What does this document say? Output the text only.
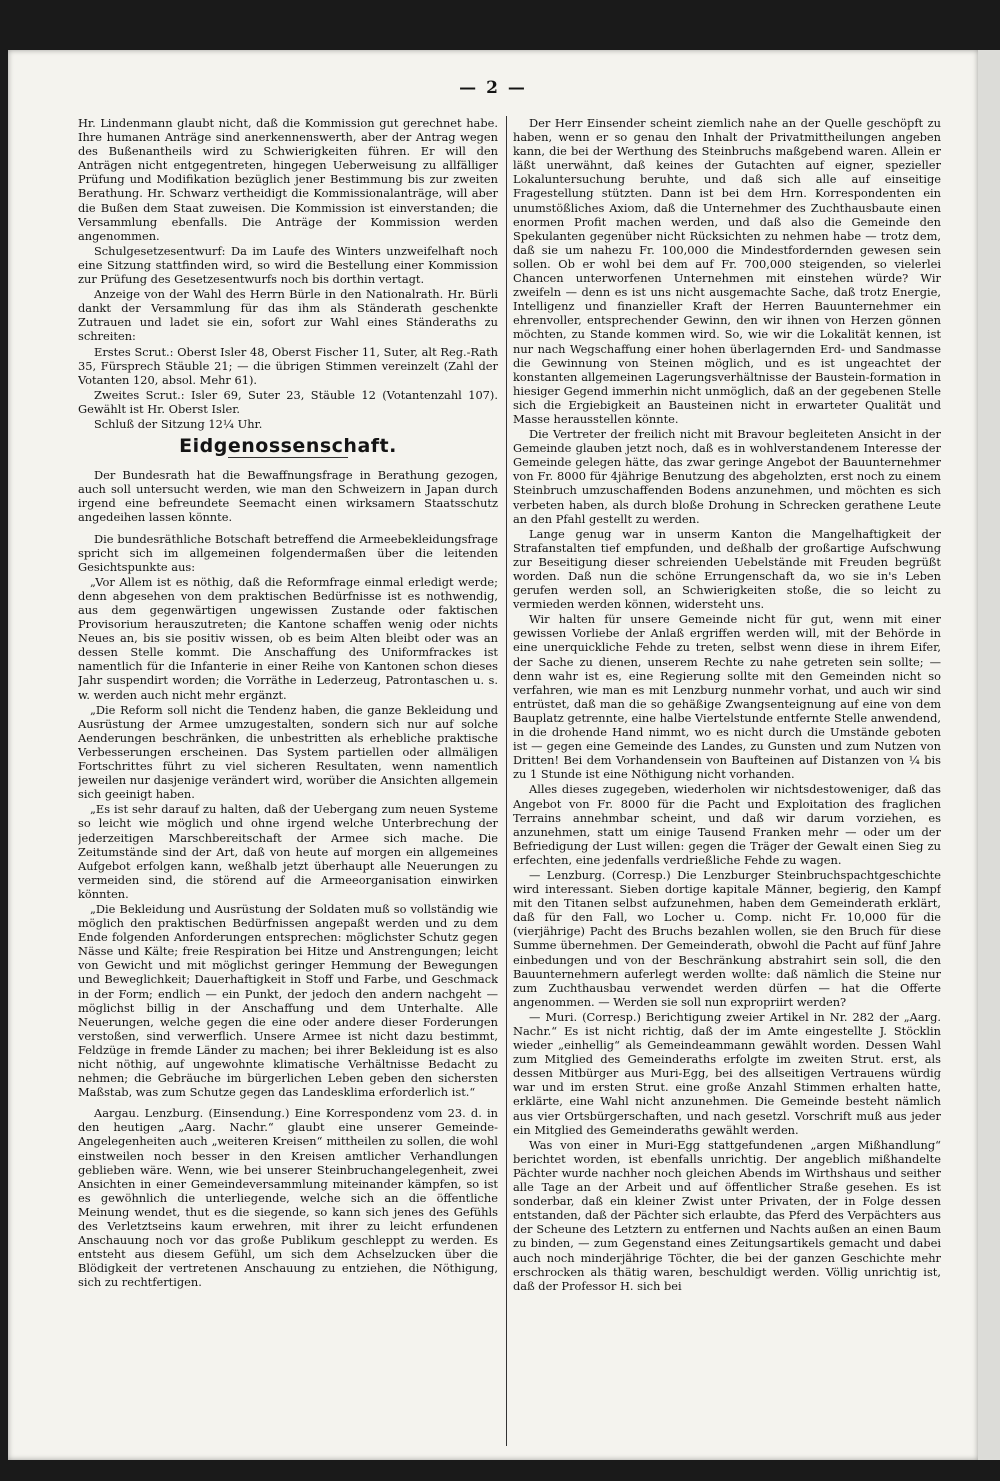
— 2 —

Hr. Lindenmann glaubt nicht, daß die Kommission gut gerechnet habe. Ihre humanen Anträge sind anerkennenswerth, aber der Antrag wegen des Bußenantheils wird zu Schwierigkeiten führen. Er will den Anträgen nicht entgegentreten, hingegen Ueberweisung zu allfälliger Prüfung und Modifikation bezüglich jener Bestimmung bis zur zweiten Berathung. Hr. Schwarz vertheidigt die Kommissionalanträge, will aber die Bußen dem Staat zuweisen. Die Kommission ist einverstanden; die Versammlung ebenfalls. Die Anträge der Kommission werden angenommen.

Schulgesetzesentwurf: Da im Laufe des Winters unzweifelhaft noch eine Sitzung stattfinden wird, so wird die Bestellung einer Kommission zur Prüfung des Gesetzesentwurfs noch bis dorthin vertagt.

Anzeige von der Wahl des Herrn Bürle in den Nationalrath. Hr. Bürli dankt der Versammlung für das ihm als Ständerath geschenkte Zutrauen und ladet sie ein, sofort zur Wahl eines Ständeraths zu schreiten:

Erstes Scrut.: Oberst Isler 48, Oberst Fischer 11, Suter, alt Reg.-Rath 35, Fürsprech Stäuble 21; — die übrigen Stimmen vereinzelt (Zahl der Votanten 120, absol. Mehr 61).

Zweites Scrut.: Isler 69, Suter 23, Stäuble 12 (Votantenzahl 107). Gewählt ist Hr. Oberst Isler.

Schluß der Sitzung 12¼ Uhr.

Eidgenossenschaft.

Der Bundesrath hat die Bewaffnungsfrage in Berathung gezogen, auch soll untersucht werden, wie man den Schweizern in Japan durch irgend eine befreundete Seemacht einen wirksamern Staatsschutz angedeihen lassen könnte.

Die bundesräthliche Botschaft betreffend die Armeebekleidungsfrage spricht sich im allgemeinen folgendermaßen über die leitenden Gesichtspunkte aus:

„Vor Allem ist es nöthig, daß die Reformfrage einmal erledigt werde; denn abgesehen von dem praktischen Bedürfnisse ist es nothwendig, aus dem gegenwärtigen ungewissen Zustande oder faktischen Provisorium herauszutreten; die Kantone schaffen wenig oder nichts Neues an, bis sie positiv wissen, ob es beim Alten bleibt oder was an dessen Stelle kommt. Die Anschaffung des Uniformfrackes ist namentlich für die Infanterie in einer Reihe von Kantonen schon dieses Jahr suspendirt worden; die Vorräthe in Lederzeug, Patrontaschen u. s. w. werden auch nicht mehr ergänzt.

„Die Reform soll nicht die Tendenz haben, die ganze Bekleidung und Ausrüstung der Armee umzugestalten, sondern sich nur auf solche Aenderungen beschränken, die unbestritten als erhebliche praktische Verbesserungen erscheinen. Das System partiellen oder allmäligen Fortschrittes führt zu viel sicheren Resultaten, wenn namentlich jeweilen nur dasjenige verändert wird, worüber die Ansichten allgemein sich geeinigt haben.

„Es ist sehr darauf zu halten, daß der Uebergang zum neuen Systeme so leicht wie möglich und ohne irgend welche Unterbrechung der jederzeitigen Marschbereitschaft der Armee sich mache. Die Zeitumstände sind der Art, daß von heute auf morgen ein allgemeines Aufgebot erfolgen kann, weßhalb jetzt überhaupt alle Neuerungen zu vermeiden sind, die störend auf die Armeeorganisation einwirken könnten.

„Die Bekleidung und Ausrüstung der Soldaten muß so vollständig wie möglich den praktischen Bedürfnissen angepaßt werden und zu dem Ende folgenden Anforderungen entsprechen: möglichster Schutz gegen Nässe und Kälte; freie Respiration bei Hitze und Anstrengungen; leicht von Gewicht und mit möglichst geringer Hemmung der Bewegungen und Beweglichkeit; Dauerhaftigkeit in Stoff und Farbe, und Geschmack in der Form; endlich — ein Punkt, der jedoch den andern nachgeht — möglichst billig in der Anschaffung und dem Unterhalte. Alle Neuerungen, welche gegen die eine oder andere dieser Forderungen verstoßen, sind verwerflich. Unsere Armee ist nicht dazu bestimmt, Feldzüge in fremde Länder zu machen; bei ihrer Bekleidung ist es also nicht nöthig, auf ungewohnte klimatische Verhältnisse Bedacht zu nehmen; die Gebräuche im bürgerlichen Leben geben den sichersten Maßstab, was zum Schutze gegen das Landesklima erforderlich ist.“

Aargau. Lenzburg. (Einsendung.) Eine Korrespondenz vom 23. d. in den heutigen „Aarg. Nachr.“ glaubt eine unserer Gemeinde-Angelegenheiten auch „weiteren Kreisen“ mittheilen zu sollen, die wohl einstweilen noch besser in den Kreisen amtlicher Verhandlungen geblieben wäre. Wenn, wie bei unserer Steinbruchangelegenheit, zwei Ansichten in einer Gemeindeversammlung miteinander kämpfen, so ist es gewöhnlich die unterliegende, welche sich an die öffentliche Meinung wendet, thut es die siegende, so kann sich jenes des Gefühls des Verletztseins kaum erwehren, mit ihrer zu leicht erfundenen Anschauung noch vor das große Publikum geschleppt zu werden. Es entsteht aus diesem Gefühl, um sich dem Achselzucken über die Blödigkeit der vertretenen Anschauung zu entziehen, die Nöthigung, sich zu rechtfertigen.

Der Herr Einsender scheint ziemlich nahe an der Quelle geschöpft zu haben, wenn er so genau den Inhalt der Privatmittheilungen angeben kann, die bei der Werthung des Steinbruchs maßgebend waren. Allein er läßt unerwähnt, daß keines der Gutachten auf eigner, spezieller Lokaluntersuchung beruhte, und daß sich alle auf einseitige Fragestellung stützten. Dann ist bei dem Hrn. Korrespondenten ein unumstößliches Axiom, daß die Unternehmer des Zuchthausbaute einen enormen Profit machen werden, und daß also die Gemeinde den Spekulanten gegenüber nicht Rücksichten zu nehmen habe — trotz dem, daß sie um nahezu Fr. 100,000 die Mindestfordernden gewesen sein sollen. Ob er wohl bei dem auf Fr. 700,000 steigenden, so vielerlei Chancen unterworfenen Unternehmen mit einstehen würde? Wir zweifeln — denn es ist uns nicht ausgemachte Sache, daß trotz Energie, Intelligenz und finanzieller Kraft der Herren Bauunternehmer ein ehrenvoller, entsprechender Gewinn, den wir ihnen von Herzen gönnen möchten, zu Stande kommen wird. So, wie wir die Lokalität kennen, ist nur nach Wegschaffung einer hohen überlagernden Erd- und Sandmasse die Gewinnung von Steinen möglich, und es ist ungeachtet der konstanten allgemeinen Lagerungsverhältnisse der Baustein-formation in hiesiger Gegend immerhin nicht unmöglich, daß an der gegebenen Stelle sich die Ergiebigkeit an Bausteinen nicht in erwarteter Qualität und Masse herausstellen könnte.

Die Vertreter der freilich nicht mit Bravour begleiteten Ansicht in der Gemeinde glauben jetzt noch, daß es in wohlverstandenem Interesse der Gemeinde gelegen hätte, das zwar geringe Angebot der Bauunternehmer von Fr. 8000 für 4jährige Benutzung des abgeholzten, erst noch zu einem Steinbruch umzuschaffenden Bodens anzunehmen, und möchten es sich verbeten haben, als durch bloße Drohung in Schrecken gerathene Leute an den Pfahl gestellt zu werden.

Lange genug war in unserm Kanton die Mangelhaftigkeit der Strafanstalten tief empfunden, und deßhalb der großartige Aufschwung zur Beseitigung dieser schreienden Uebelstände mit Freuden begrüßt worden. Daß nun die schöne Errungenschaft da, wo sie in's Leben gerufen werden soll, an Schwierigkeiten stoße, die so leicht zu vermieden werden können, widersteht uns.

Wir halten für unsere Gemeinde nicht für gut, wenn mit einer gewissen Vorliebe der Anlaß ergriffen werden will, mit der Behörde in eine unerquickliche Fehde zu treten, selbst wenn diese in ihrem Eifer, der Sache zu dienen, unserem Rechte zu nahe getreten sein sollte; — denn wahr ist es, eine Regierung sollte mit den Gemeinden nicht so verfahren, wie man es mit Lenzburg nunmehr vorhat, und auch wir sind entrüstet, daß man die so gehäßige Zwangsenteignung auf eine von dem Bauplatz getrennte, eine halbe Viertelstunde entfernte Stelle anwendend, in die drohende Hand nimmt, wo es nicht durch die Umstände geboten ist — gegen eine Gemeinde des Landes, zu Gunsten und zum Nutzen von Dritten! Bei dem Vorhandensein von Baufteinen auf Distanzen von ¼ bis zu 1 Stunde ist eine Nöthigung nicht vorhanden.

Alles dieses zugegeben, wiederholen wir nichtsdestoweniger, daß das Angebot von Fr. 8000 für die Pacht und Exploitation des fraglichen Terrains annehmbar scheint, und daß wir darum vorziehen, es anzunehmen, statt um einige Tausend Franken mehr — oder um der Befriedigung der Lust willen: gegen die Träger der Gewalt einen Sieg zu erfechten, eine jedenfalls verdrießliche Fehde zu wagen.

— Lenzburg. (Corresp.) Die Lenzburger Steinbruchspachtgeschichte wird interessant. Sieben dortige kapitale Männer, begierig, den Kampf mit den Titanen selbst aufzunehmen, haben dem Gemeinderath erklärt, daß für den Fall, wo Locher u. Comp. nicht Fr. 10,000 für die (vierjährige) Pacht des Bruchs bezahlen wollen, sie den Bruch für diese Summe übernehmen. Der Gemeinderath, obwohl die Pacht auf fünf Jahre einbedungen und von der Beschränkung abstrahirt sein soll, die den Bauunternehmern auferlegt werden wollte: daß nämlich die Steine nur zum Zuchthausbau verwendet werden dürfen — hat die Offerte angenommen. — Werden sie soll nun expropriirt werden?

— Muri. (Corresp.) Berichtigung zweier Artikel in Nr. 282 der „Aarg. Nachr.“ Es ist nicht richtig, daß der im Amte eingestellte J. Stöcklin wieder „einhellig“ als Gemeindeammann gewählt worden. Dessen Wahl zum Mitglied des Gemeinderaths erfolgte im zweiten Strut. erst, als dessen Mitbürger aus Muri-Egg, bei des allseitigen Vertrauens würdig war und im ersten Strut. eine große Anzahl Stimmen erhalten hatte, erklärte, eine Wahl nicht anzunehmen. Die Gemeinde besteht nämlich aus vier Ortsbürgerschaften, und nach gesetzl. Vorschrift muß aus jeder ein Mitglied des Gemeinderaths gewählt werden.

Was von einer in Muri-Egg stattgefundenen „argen Mißhandlung“ berichtet worden, ist ebenfalls unrichtig. Der angeblich mißhandelte Pächter wurde nachher noch gleichen Abends im Wirthshaus und seither alle Tage an der Arbeit und auf öffentlicher Straße gesehen. Es ist sonderbar, daß ein kleiner Zwist unter Privaten, der in Folge dessen entstanden, daß der Pächter sich erlaubte, das Pferd des Verpächters aus der Scheune des Letztern zu entfernen und Nachts außen an einen Baum zu binden, — zum Gegenstand eines Zeitungsartikels gemacht und dabei auch noch minderjährige Töchter, die bei der ganzen Geschichte mehr erschrocken als thätig waren, beschuldigt werden. Völlig unrichtig ist, daß der Professor H. sich bei
